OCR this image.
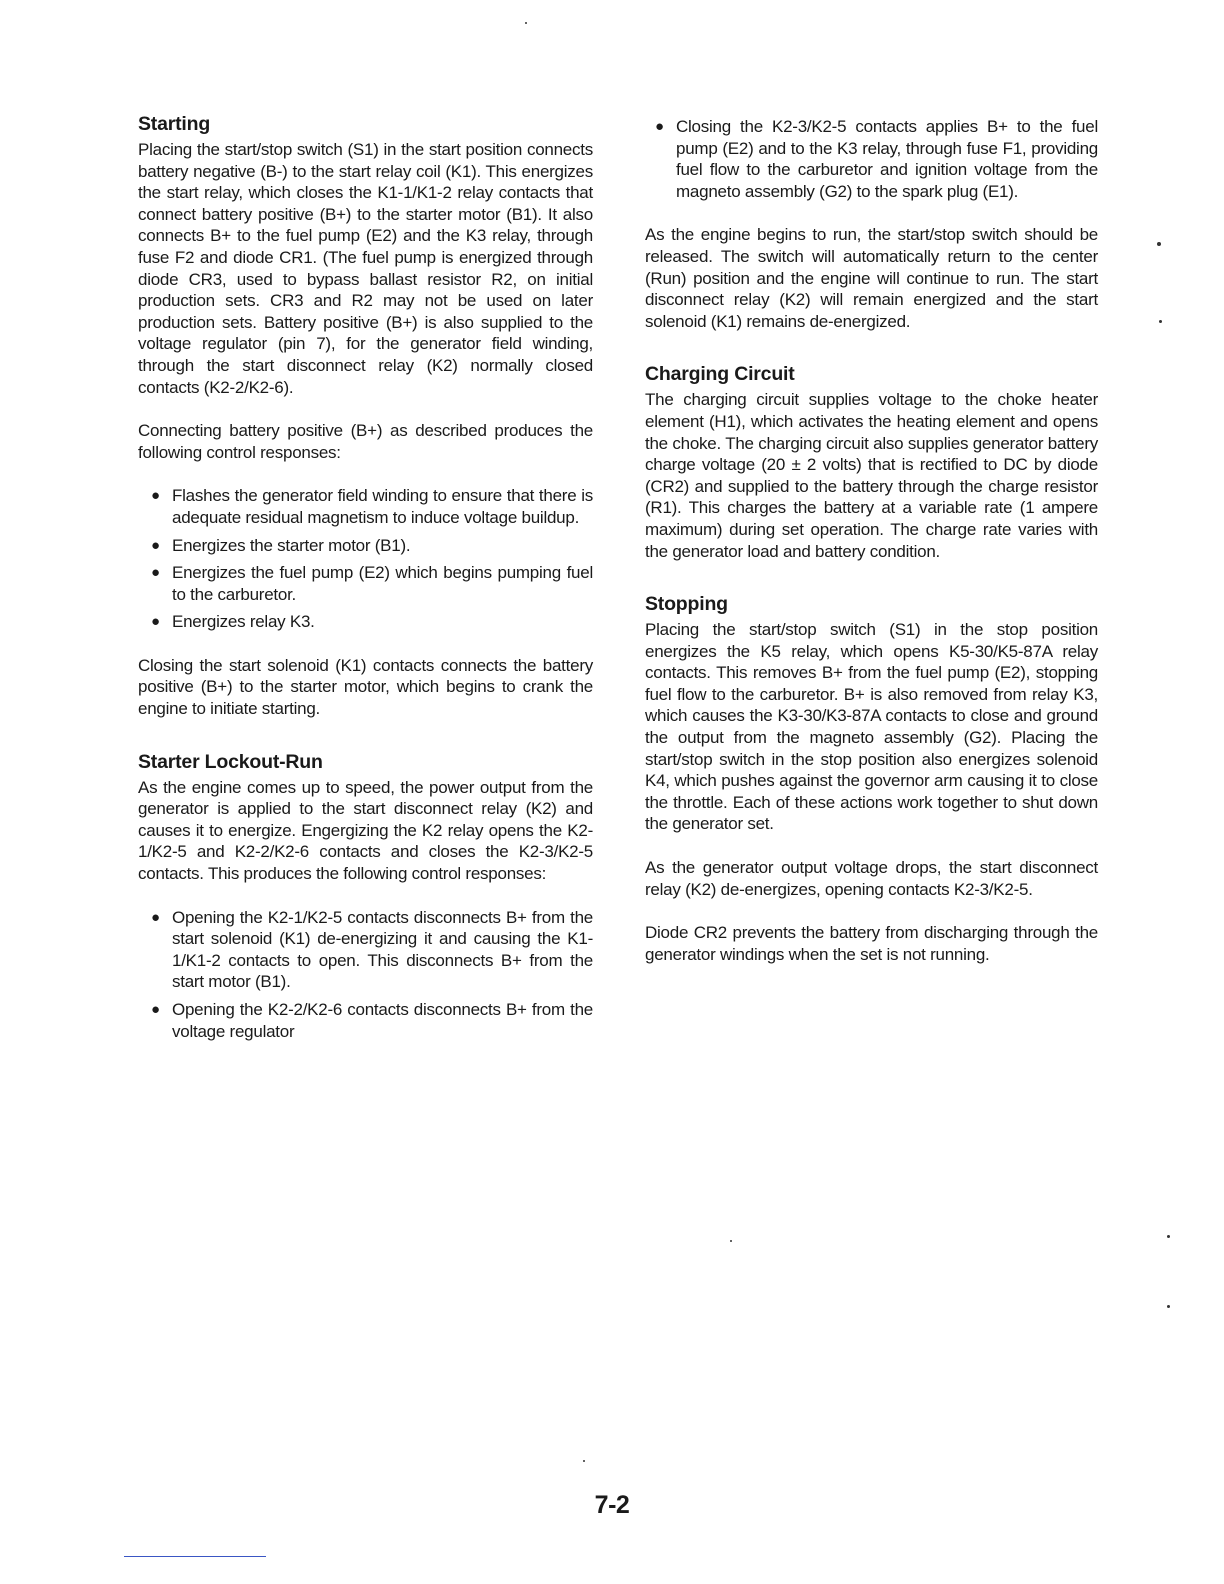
Starting

Placing the start/stop switch (S1) in the start position connects battery negative (B-) to the start relay coil (K1). This energizes the start relay, which closes the K1-1/K1-2 relay contacts that connect battery positive (B+) to the starter motor (B1). It also connects B+ to the fuel pump (E2) and the K3 relay, through fuse F2 and diode CR1. (The fuel pump is energized through diode CR3, used to bypass ballast resistor R2, on initial production sets. CR3 and R2 may not be used on later production sets. Battery positive (B+) is also supplied to the voltage regulator (pin 7), for the generator field winding, through the start disconnect relay (K2) normally closed contacts (K2-2/K2-6).

Connecting battery positive (B+) as described produces the following control responses:

● Flashes the generator field winding to ensure that there is adequate residual magnetism to induce voltage buildup.
● Energizes the starter motor (B1).
● Energizes the fuel pump (E2) which begins pumping fuel to the carburetor.
● Energizes relay K3.

Closing the start solenoid (K1) contacts connects the battery positive (B+) to the starter motor, which begins to crank the engine to initiate starting.

Starter Lockout-Run

As the engine comes up to speed, the power output from the generator is applied to the start disconnect relay (K2) and causes it to energize. Engergizing the K2 relay opens the K2-1/K2-5 and K2-2/K2-6 contacts and closes the K2-3/K2-5 contacts. This produces the following control responses:

● Opening the K2-1/K2-5 contacts disconnects B+ from the start solenoid (K1) de-energizing it and causing the K1-1/K1-2 contacts to open. This disconnects B+ from the start motor (B1).
● Opening the K2-2/K2-6 contacts disconnects B+ from the voltage regulator
● Closing the K2-3/K2-5 contacts applies B+ to the fuel pump (E2) and to the K3 relay, through fuse F1, providing fuel flow to the carburetor and ignition voltage from the magneto assembly (G2) to the spark plug (E1).

As the engine begins to run, the start/stop switch should be released. The switch will automatically return to the center (Run) position and the engine will continue to run. The start disconnect relay (K2) will remain energized and the start solenoid (K1) remains de-energized.

Charging Circuit

The charging circuit supplies voltage to the choke heater element (H1), which activates the heating element and opens the choke. The charging circuit also supplies generator battery charge voltage (20 ± 2 volts) that is rectified to DC by diode (CR2) and supplied to the battery through the charge resistor (R1). This charges the battery at a variable rate (1 ampere maximum) during set operation. The charge rate varies with the generator load and battery condition.

Stopping

Placing the start/stop switch (S1) in the stop position energizes the K5 relay, which opens K5-30/K5-87A relay contacts. This removes B+ from the fuel pump (E2), stopping fuel flow to the carburetor. B+ is also removed from relay K3, which causes the K3-30/K3-87A contacts to close and ground the output from the magneto assembly (G2). Placing the start/stop switch in the stop position also energizes solenoid K4, which pushes against the governor arm causing it to close the throttle. Each of these actions work together to shut down the generator set.

As the generator output voltage drops, the start disconnect relay (K2) de-energizes, opening contacts K2-3/K2-5.

Diode CR2 prevents the battery from discharging through the generator windings when the set is not running.

7-2
